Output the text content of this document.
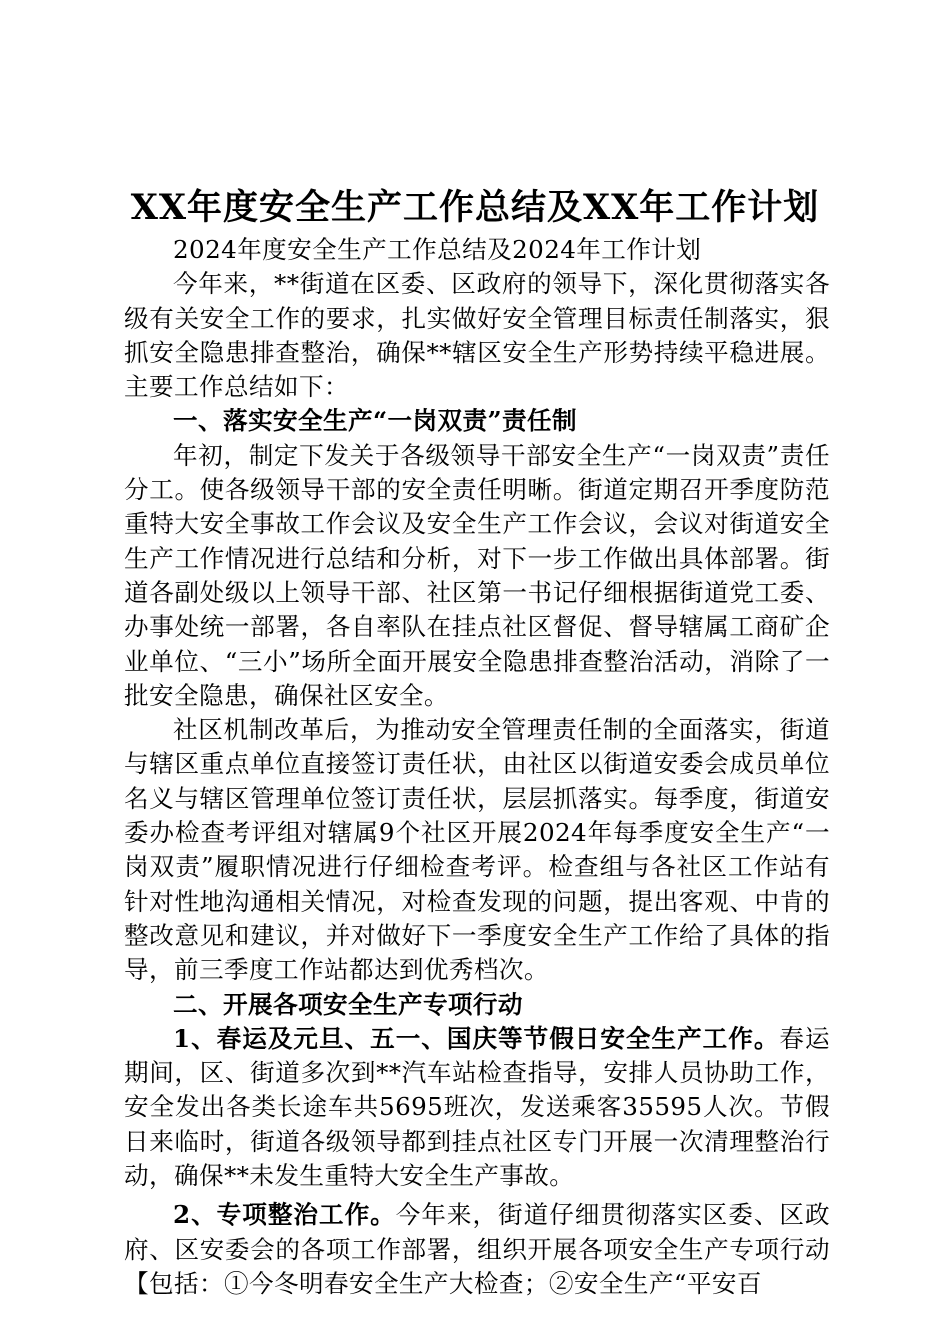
XX年度安全生产工作总结及XX年工作计划

2024年度安全生产工作总结及2024年工作计划

今年来，**街道在区委、区政府的领导下，深化贯彻落实各级有关安全工作的要求，扎实做好安全管理目标责任制落实，狠抓安全隐患排查整治，确保**辖区安全生产形势持续平稳进展。主要工作总结如下：

一、落实安全生产“一岗双责”责任制

年初，制定下发关于各级领导干部安全生产“一岗双责”责任分工。使各级领导干部的安全责任明晰。街道定期召开季度防范重特大安全事故工作会议及安全生产工作会议，会议对街道安全生产工作情况进行总结和分析，对下一步工作做出具体部署。街道各副处级以上领导干部、社区第一书记仔细根据街道党工委、办事处统一部署，各自率队在挂点社区督促、督导辖属工商矿企业单位、“三小”场所全面开展安全隐患排查整治活动，消除了一批安全隐患，确保社区安全。

社区机制改革后，为推动安全管理责任制的全面落实，街道与辖区重点单位直接签订责任状，由社区以街道安委会成员单位名义与辖区管理单位签订责任状，层层抓落实。每季度，街道安委办检查考评组对辖属9个社区开展2024年每季度安全生产“一岗双责”履职情况进行仔细检查考评。检查组与各社区工作站有针对性地沟通相关情况，对检查发现的问题，提出客观、中肯的整改意见和建议，并对做好下一季度安全生产工作给了具体的指导，前三季度工作站都达到优秀档次。

二、开展各项安全生产专项行动

1、春运及元旦、五一、国庆等节假日安全生产工作。春运期间，区、街道多次到**汽车站检查指导，安排人员协助工作，安全发出各类长途车共5695班次，发送乘客35595人次。节假日来临时，街道各级领导都到挂点社区专门开展一次清理整治行动，确保**未发生重特大安全生产事故。

2、专项整治工作。今年来，街道仔细贯彻落实区委、区政府、区安委会的各项工作部署，组织开展各项安全生产专项行动【包括：①今冬明春安全生产大检查；②安全生产“平安百
